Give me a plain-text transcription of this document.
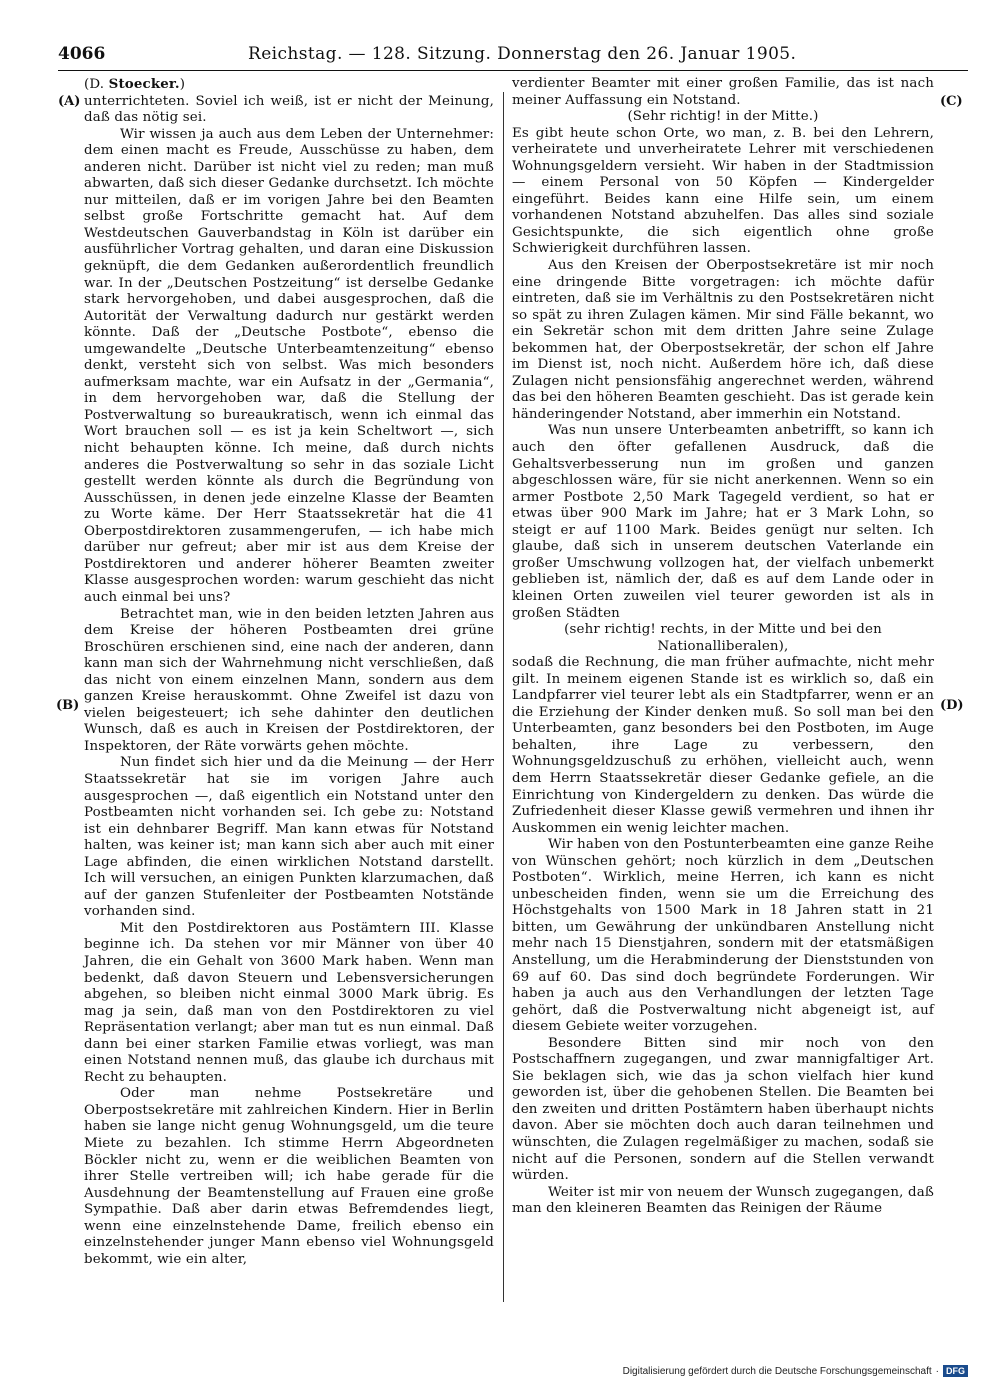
4066	Reichstag. — 128. Sitzung. Donnerstag den 26. Januar 1905.
(A)
(B)
(C)
(D)

(D. Stoecker.)

unterrichteten. Soviel ich weiß, ist er nicht der Meinung, daß das nötig sei.

Wir wissen ja auch aus dem Leben der Unternehmer: dem einen macht es Freude, Ausschüsse zu haben, dem anderen nicht. Darüber ist nicht viel zu reden; man muß abwarten, daß sich dieser Gedanke durchsetzt. Ich möchte nur mitteilen, daß er im vorigen Jahre bei den Beamten selbst große Fortschritte gemacht hat. Auf dem Westdeutschen Gauverbandstag in Köln ist darüber ein ausführlicher Vortrag gehalten, und daran eine Diskussion geknüpft, die dem Gedanken außerordentlich freundlich war. In der „Deutschen Postzeitung“ ist derselbe Gedanke stark hervorgehoben, und dabei ausgesprochen, daß die Autorität der Verwaltung dadurch nur gestärkt werden könnte. Daß der „Deutsche Postbote“, ebenso die umgewandelte „Deutsche Unterbeamtenzeitung“ ebenso denkt, versteht sich von selbst. Was mich besonders aufmerksam machte, war ein Aufsatz in der „Germania“, in dem hervorgehoben war, daß die Stellung der Postverwaltung so bureaukratisch, wenn ich einmal das Wort brauchen soll — es ist ja kein Scheltwort —, sich nicht behaupten könne. Ich meine, daß durch nichts anderes die Postverwaltung so sehr in das soziale Licht gestellt werden könnte als durch die Begründung von Ausschüssen, in denen jede einzelne Klasse der Beamten zu Worte käme. Der Herr Staatssekretär hat die 41 Oberpostdirektoren zusammengerufen, — ich habe mich darüber nur gefreut; aber mir ist aus dem Kreise der Postdirektoren und anderer höherer Beamten zweiter Klasse ausgesprochen worden: warum geschieht das nicht auch einmal bei uns?

Betrachtet man, wie in den beiden letzten Jahren aus dem Kreise der höheren Postbeamten drei grüne Broschüren erschienen sind, eine nach der anderen, dann kann man sich der Wahrnehmung nicht verschließen, daß das nicht von einem einzelnen Mann, sondern aus dem ganzen Kreise herauskommt. Ohne Zweifel ist dazu von vielen beigesteuert; ich sehe dahinter den deutlichen Wunsch, daß es auch in Kreisen der Postdirektoren, der Inspektoren, der Räte vorwärts gehen möchte.

Nun findet sich hier und da die Meinung — der Herr Staatssekretär hat sie im vorigen Jahre auch ausgesprochen —, daß eigentlich ein Notstand unter den Postbeamten nicht vorhanden sei. Ich gebe zu: Notstand ist ein dehnbarer Begriff. Man kann etwas für Notstand halten, was keiner ist; man kann sich aber auch mit einer Lage abfinden, die einen wirklichen Notstand darstellt. Ich will versuchen, an einigen Punkten klarzumachen, daß auf der ganzen Stufenleiter der Postbeamten Notstände vorhanden sind.

Mit den Postdirektoren aus Postämtern III. Klasse beginne ich. Da stehen vor mir Männer von über 40 Jahren, die ein Gehalt von 3600 Mark haben. Wenn man bedenkt, daß davon Steuern und Lebensversicherungen abgehen, so bleiben nicht einmal 3000 Mark übrig. Es mag ja sein, daß man von den Postdirektoren zu viel Repräsentation verlangt; aber man tut es nun einmal. Daß dann bei einer starken Familie etwas vorliegt, was man einen Notstand nennen muß, das glaube ich durchaus mit Recht zu behaupten.

Oder man nehme Postsekretäre und Oberpostsekretäre mit zahlreichen Kindern. Hier in Berlin haben sie lange nicht genug Wohnungsgeld, um die teure Miete zu bezahlen. Ich stimme Herrn Abgeordneten Böckler nicht zu, wenn er die weiblichen Beamten von ihrer Stelle vertreiben will; ich habe gerade für die Ausdehnung der Beamtenstellung auf Frauen eine große Sympathie. Daß aber darin etwas Befremdendes liegt, wenn eine einzelnstehende Dame, freilich ebenso ein einzelnstehender junger Mann ebenso viel Wohnungsgeld bekommt, wie ein alter,

verdienter Beamter mit einer großen Familie, das ist nach meiner Auffassung ein Notstand.

(Sehr richtig! in der Mitte.)

Es gibt heute schon Orte, wo man, z. B. bei den Lehrern, verheiratete und unverheiratete Lehrer mit verschiedenen Wohnungsgeldern versieht. Wir haben in der Stadtmission — einem Personal von 50 Köpfen — Kindergelder eingeführt. Beides kann eine Hilfe sein, um einem vorhandenen Notstand abzuhelfen. Das alles sind soziale Gesichtspunkte, die sich eigentlich ohne große Schwierigkeit durchführen lassen.

Aus den Kreisen der Oberpostsekretäre ist mir noch eine dringende Bitte vorgetragen: ich möchte dafür eintreten, daß sie im Verhältnis zu den Postsekretären nicht so spät zu ihren Zulagen kämen. Mir sind Fälle bekannt, wo ein Sekretär schon mit dem dritten Jahre seine Zulage bekommen hat, der Oberpostsekretär, der schon elf Jahre im Dienst ist, noch nicht. Außerdem höre ich, daß diese Zulagen nicht pensionsfähig angerechnet werden, während das bei den höheren Beamten geschieht. Das ist gerade kein händeringender Notstand, aber immerhin ein Notstand.

Was nun unsere Unterbeamten anbetrifft, so kann ich auch den öfter gefallenen Ausdruck, daß die Gehaltsverbesserung nun im großen und ganzen abgeschlossen wäre, für sie nicht anerkennen. Wenn so ein armer Postbote 2,50 Mark Tagegeld verdient, so hat er etwas über 900 Mark im Jahre; hat er 3 Mark Lohn, so steigt er auf 1100 Mark. Beides genügt nur selten. Ich glaube, daß sich in unserem deutschen Vaterlande ein großer Umschwung vollzogen hat, der vielfach unbemerkt geblieben ist, nämlich der, daß es auf dem Lande oder in kleinen Orten zuweilen viel teurer geworden ist als in großen Städten

(sehr richtig! rechts, in der Mitte und bei den Nationalliberalen),

sodaß die Rechnung, die man früher aufmachte, nicht mehr gilt. In meinem eigenen Stande ist es wirklich so, daß ein Landpfarrer viel teurer lebt als ein Stadtpfarrer, wenn er an die Erziehung der Kinder denken muß. So soll man bei den Unterbeamten, ganz besonders bei den Postboten, im Auge behalten, ihre Lage zu verbessern, den Wohnungsgeldzuschuß zu erhöhen, vielleicht auch, wenn dem Herrn Staatssekretär dieser Gedanke gefiele, an die Einrichtung von Kindergeldern zu denken. Das würde die Zufriedenheit dieser Klasse gewiß vermehren und ihnen ihr Auskommen ein wenig leichter machen.

Wir haben von den Postunterbeamten eine ganze Reihe von Wünschen gehört; noch kürzlich in dem „Deutschen Postboten“. Wirklich, meine Herren, ich kann es nicht unbescheiden finden, wenn sie um die Erreichung des Höchstgehalts von 1500 Mark in 18 Jahren statt in 21 bitten, um Gewährung der unkündbaren Anstellung nicht mehr nach 15 Dienstjahren, sondern mit der etatsmäßigen Anstellung, um die Herabminderung der Dienststunden von 69 auf 60. Das sind doch begründete Forderungen. Wir haben ja auch aus den Verhandlungen der letzten Tage gehört, daß die Postverwaltung nicht abgeneigt ist, auf diesem Gebiete weiter vorzugehen.

Besondere Bitten sind mir noch von den Postschaffnern zugegangen, und zwar mannigfaltiger Art. Sie beklagen sich, wie das ja schon vielfach hier kund geworden ist, über die gehobenen Stellen. Die Beamten bei den zweiten und dritten Postämtern haben überhaupt nichts davon. Aber sie möchten doch auch daran teilnehmen und wünschten, die Zulagen regelmäßiger zu machen, sodaß sie nicht auf die Personen, sondern auf die Stellen verwandt würden.

Weiter ist mir von neuem der Wunsch zugegangen, daß man den kleineren Beamten das Reinigen der Räume

Digitalisierung gefördert durch die Deutsche Forschungsgemeinschaft · DFG
